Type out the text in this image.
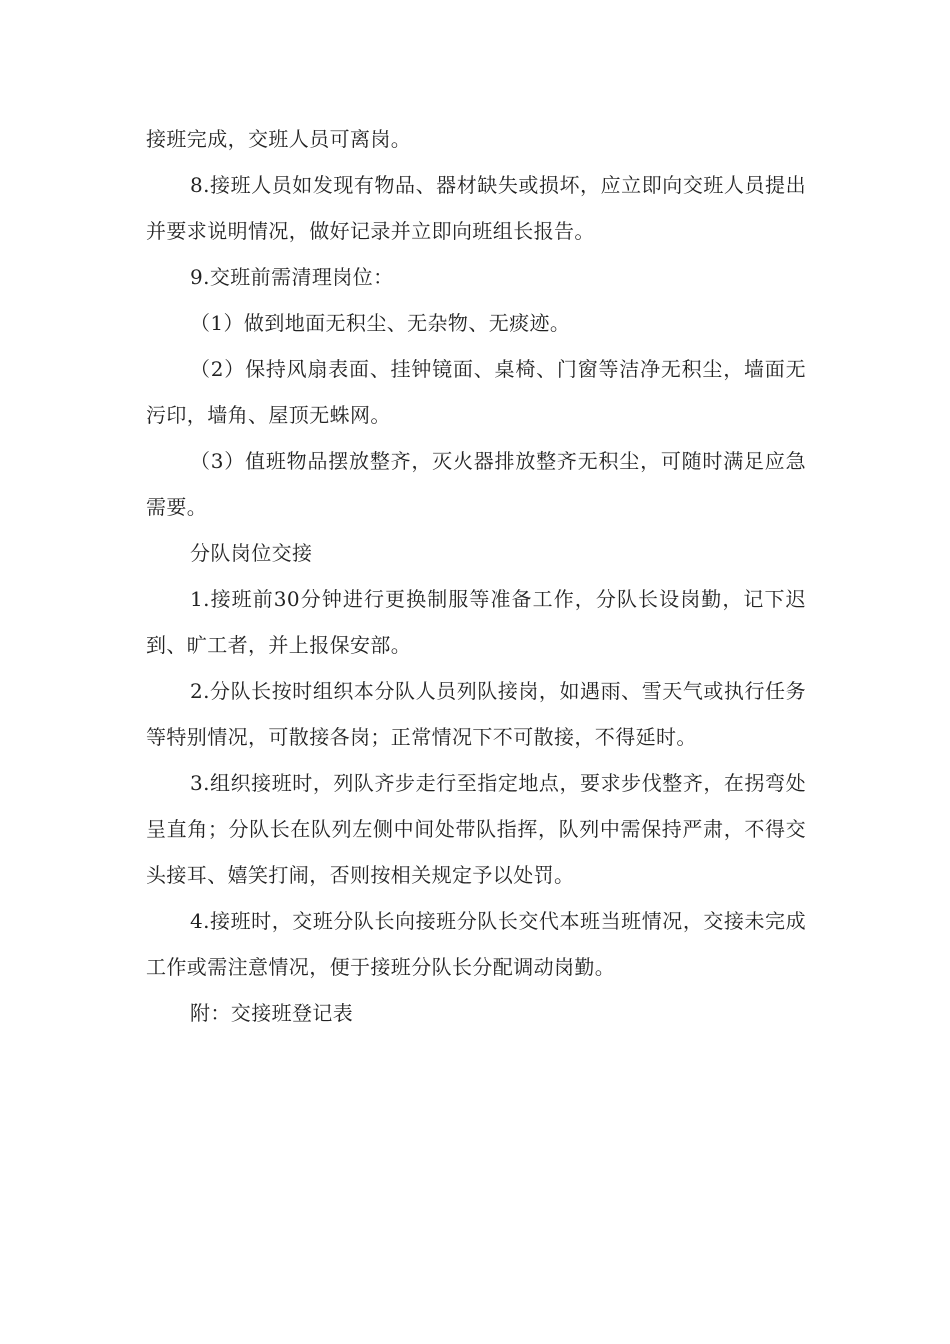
接班完成，交班人员可离岗。

8.接班人员如发现有物品、器材缺失或损坏，应立即向交班人员提出并要求说明情况，做好记录并立即向班组长报告。

9.交班前需清理岗位：

（1）做到地面无积尘、无杂物、无痰迹。

（2）保持风扇表面、挂钟镜面、桌椅、门窗等洁净无积尘，墙面无污印，墙角、屋顶无蛛网。

（3）值班物品摆放整齐，灭火器排放整齐无积尘，可随时满足应急需要。

分队岗位交接

1.接班前30分钟进行更换制服等准备工作，分队长设岗勤，记下迟到、旷工者，并上报保安部。

2.分队长按时组织本分队人员列队接岗，如遇雨、雪天气或执行任务等特别情况，可散接各岗；正常情况下不可散接，不得延时。

3.组织接班时，列队齐步走行至指定地点，要求步伐整齐，在拐弯处呈直角；分队长在队列左侧中间处带队指挥，队列中需保持严肃，不得交头接耳、嬉笑打闹，否则按相关规定予以处罚。

4.接班时，交班分队长向接班分队长交代本班当班情况，交接未完成工作或需注意情况，便于接班分队长分配调动岗勤。

附：交接班登记表
